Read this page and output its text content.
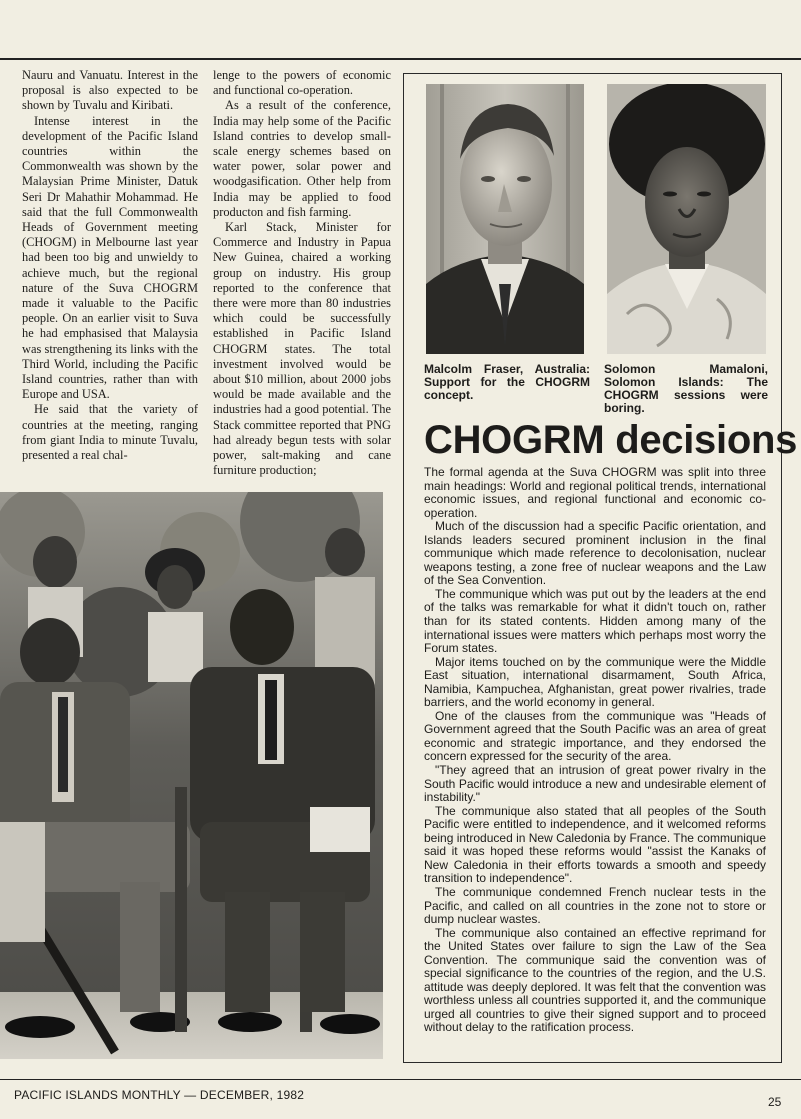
Nauru and Vanuatu. Interest in the proposal is also expected to be shown by Tuvalu and Kiribati.

Intense interest in the development of the Pacific Island countries within the Commonwealth was shown by the Malaysian Prime Minister, Datuk Seri Dr Mahathir Mohammad. He said that the full Commonwealth Heads of Government meeting (CHOGM) in Melbourne last year had been too big and unwieldy to achieve much, but the regional nature of the Suva CHOGRM made it valuable to the Pacific people. On an earlier visit to Suva he had emphasised that Malaysia was strengthening its links with the Third World, including the Pacific Island countries, rather than with Europe and USA.

He said that the variety of countries at the meeting, ranging from giant India to minute Tuvalu, presented a real chal-

lenge to the powers of economic and functional co-operation.

As a result of the conference, India may help some of the Pacific Island contries to develop small-scale energy schemes based on water power, solar power and woodgasification. Other help from India may be applied to food producton and fish farming.

Karl Stack, Minister for Commerce and Industry in Papua New Guinea, chaired a working group on industry. His group reported to the conference that there were more than 80 industries which could be successfully established in Pacific Island CHOGRM states. The total investment involved would be about $10 million, about 2000 jobs would be made available and the industries had a good potential. The Stack committee reported that PNG had already begun tests with solar power, salt-making and cane furniture production;

Malcolm Fraser, Australia: Support for the CHOGRM concept.
Solomon Mamaloni, Solomon Islands: The CHOGRM sessions were boring.
CHOGRM decisions

The formal agenda at the Suva CHOGRM was split into three main headings: World and regional political trends, international economic issues, and regional functional and economic co-operation.

Much of the discussion had a specific Pacific orientation, and Islands leaders secured prominent inclusion in the final communique which made reference to decolonisation, nuclear weapons testing, a zone free of nuclear weapons and the Law of the Sea Convention.

The communique which was put out by the leaders at the end of the talks was remarkable for what it didn't touch on, rather than for its stated contents. Hidden among many of the international issues were matters which perhaps most worry the Forum states.

Major items touched on by the communique were the Middle East situation, international disarmament, South Africa, Namibia, Kampuchea, Afghanistan, great power rivalries, trade barriers, and the world economy in general.

One of the clauses from the communique was "Heads of Government agreed that the South Pacific was an area of great economic and strategic importance, and they endorsed the concern expressed for the security of the area.

"They agreed that an intrusion of great power rivalry in the South Pacific would introduce a new and undesirable element of instability."

The communique also stated that all peoples of the South Pacific were entitled to independence, and it welcomed reforms being introduced in New Caledonia by France. The communique said it was hoped these reforms would "assist the Kanaks of New Caledonia in their efforts towards a smooth and speedy transition to independence".

The communique condemned French nuclear tests in the Pacific, and called on all countries in the zone not to store or dump nuclear wastes.

The communique also contained an effective reprimand for the United States over failure to sign the Law of the Sea Convention. The communique said the convention was of special significance to the countries of the region, and the U.S. attitude was deeply deplored. It was felt that the convention was worthless unless all countries supported it, and the communique urged all countries to give their signed support and to proceed without delay to the ratification process.

PACIFIC ISLANDS MONTHLY — DECEMBER, 1982	25
